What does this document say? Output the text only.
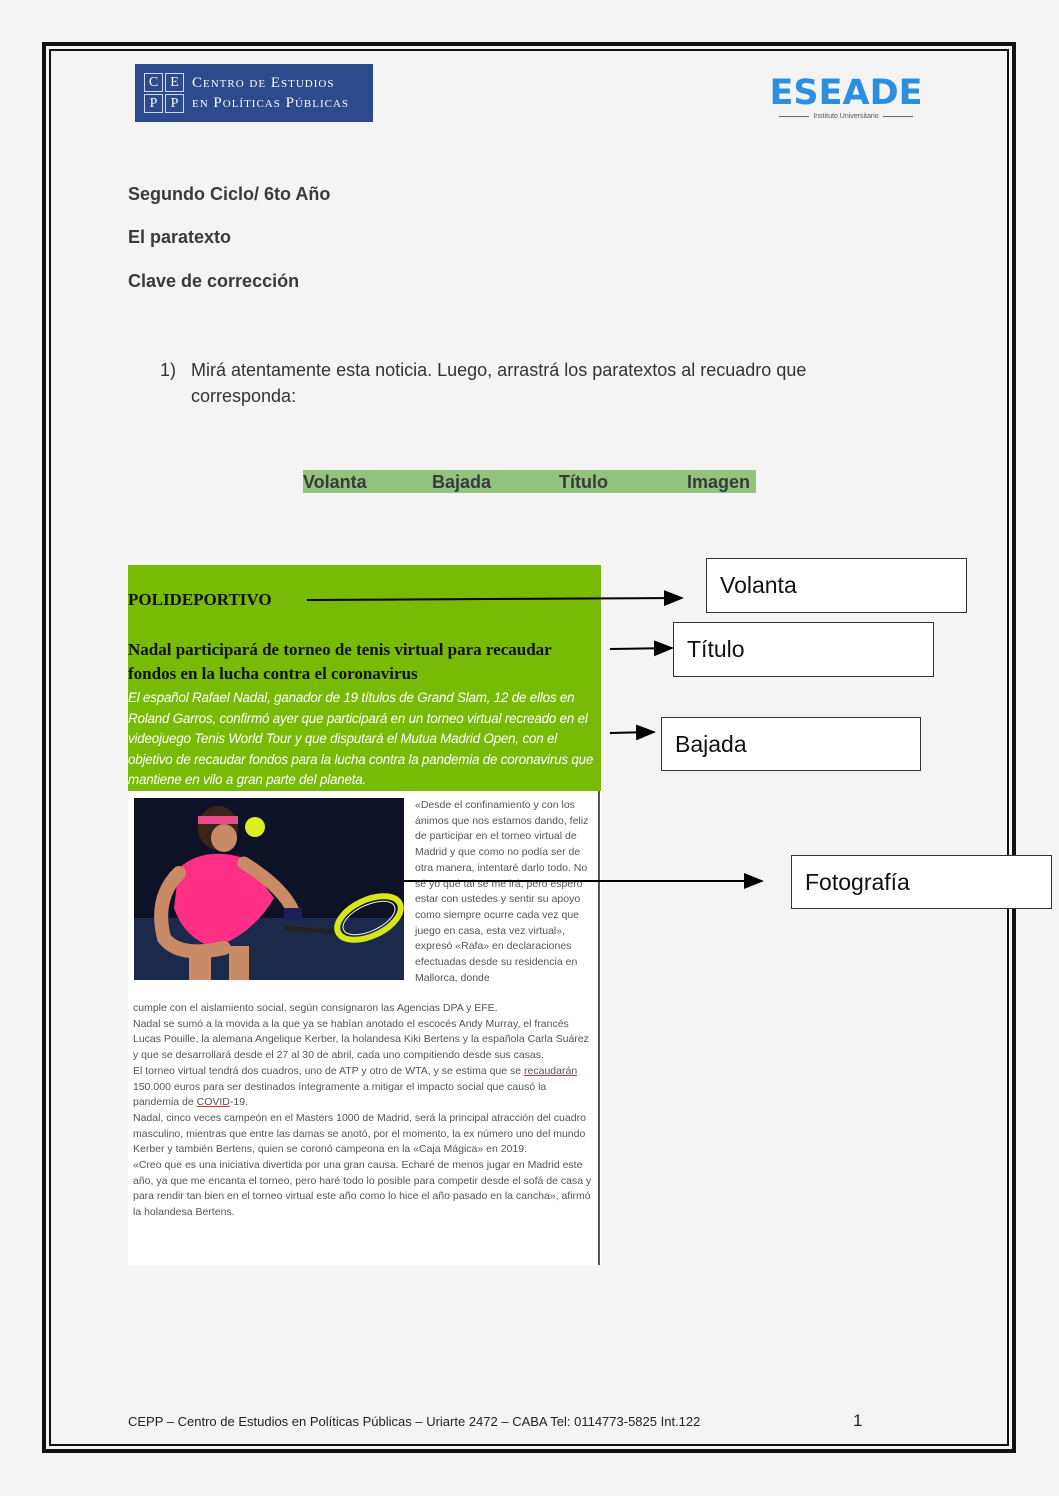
C E
P P
Centro de Estudios
en Políticas Públicas	ESEADE
Instituto Universitario
Segundo Ciclo/ 6to Año
El paratexto
Clave de corrección
1) Mirá atentamente esta noticia. Luego, arrastrá los paratextos al recuadro que corresponda:
Volanta	Bajada	Título	Imagen
POLIDEPORTIVO
Nadal participará de torneo de tenis virtual para recaudar fondos en la lucha contra el coronavirus
El español Rafael Nadal, ganador de 19 títulos de Grand Slam, 12 de ellos en Roland Garros, confirmó ayer que participará en un torneo virtual recreado en el videojuego Tenis World Tour y que disputará el Mutua Madrid Open, con el objetivo de recaudar fondos para la lucha contra la pandemia de coronavirus que mantiene en vilo a gran parte del planeta.
«Desde el confinamiento y con los ánimos que nos estamos dando, feliz de participar en el torneo virtual de Madrid y que como no podía ser de otra manera, intentaré darlo todo. No sé yo qué tal se me irá, pero espero estar con ustedes y sentir su apoyo como siempre ocurre cada vez que juego en casa, esta vez virtual», expresó «Rafa» en declaraciones efectuadas desde su residencia en Mallorca, donde

cumple con el aislamiento social, según consignaron las Agencias DPA y EFE.

Nadal se sumó a la movida a la que ya se habían anotado el escocés Andy Murray, el francés Lucas Pouille, la alemana Angelique Kerber, la holandesa Kiki Bertens y la española Carla Suárez y que se desarrollará desde el 27 al 30 de abril, cada uno compitiendo desde sus casas.

El torneo virtual tendrá dos cuadros, uno de ATP y otro de WTA, y se estima que se recaudarán 150.000 euros para ser destinados íntegramente a mitigar el impacto social que causó la pandemia de COVID-19.

Nadal, cinco veces campeón en el Masters 1000 de Madrid, será la principal atracción del cuadro masculino, mientras que entre las damas se anotó, por el momento, la ex número uno del mundo Kerber y también Bertens, quien se coronó campeona en la «Caja Mágica» en 2019.

«Creo que es una iniciativa divertida por una gran causa. Echaré de menos jugar en Madrid este año, ya que me encanta el torneo, pero haré todo lo posible para competir desde el sofá de casa y para rendir tan bien en el torneo virtual este año como lo hice el año pasado en la cancha», afirmó la holandesa Bertens.

Volanta
Título
Bajada
Fotografía
CEPP – Centro de Estudios en Políticas Públicas – Uriarte 2472 – CABA Tel: 0114773-5825 Int.122	1
